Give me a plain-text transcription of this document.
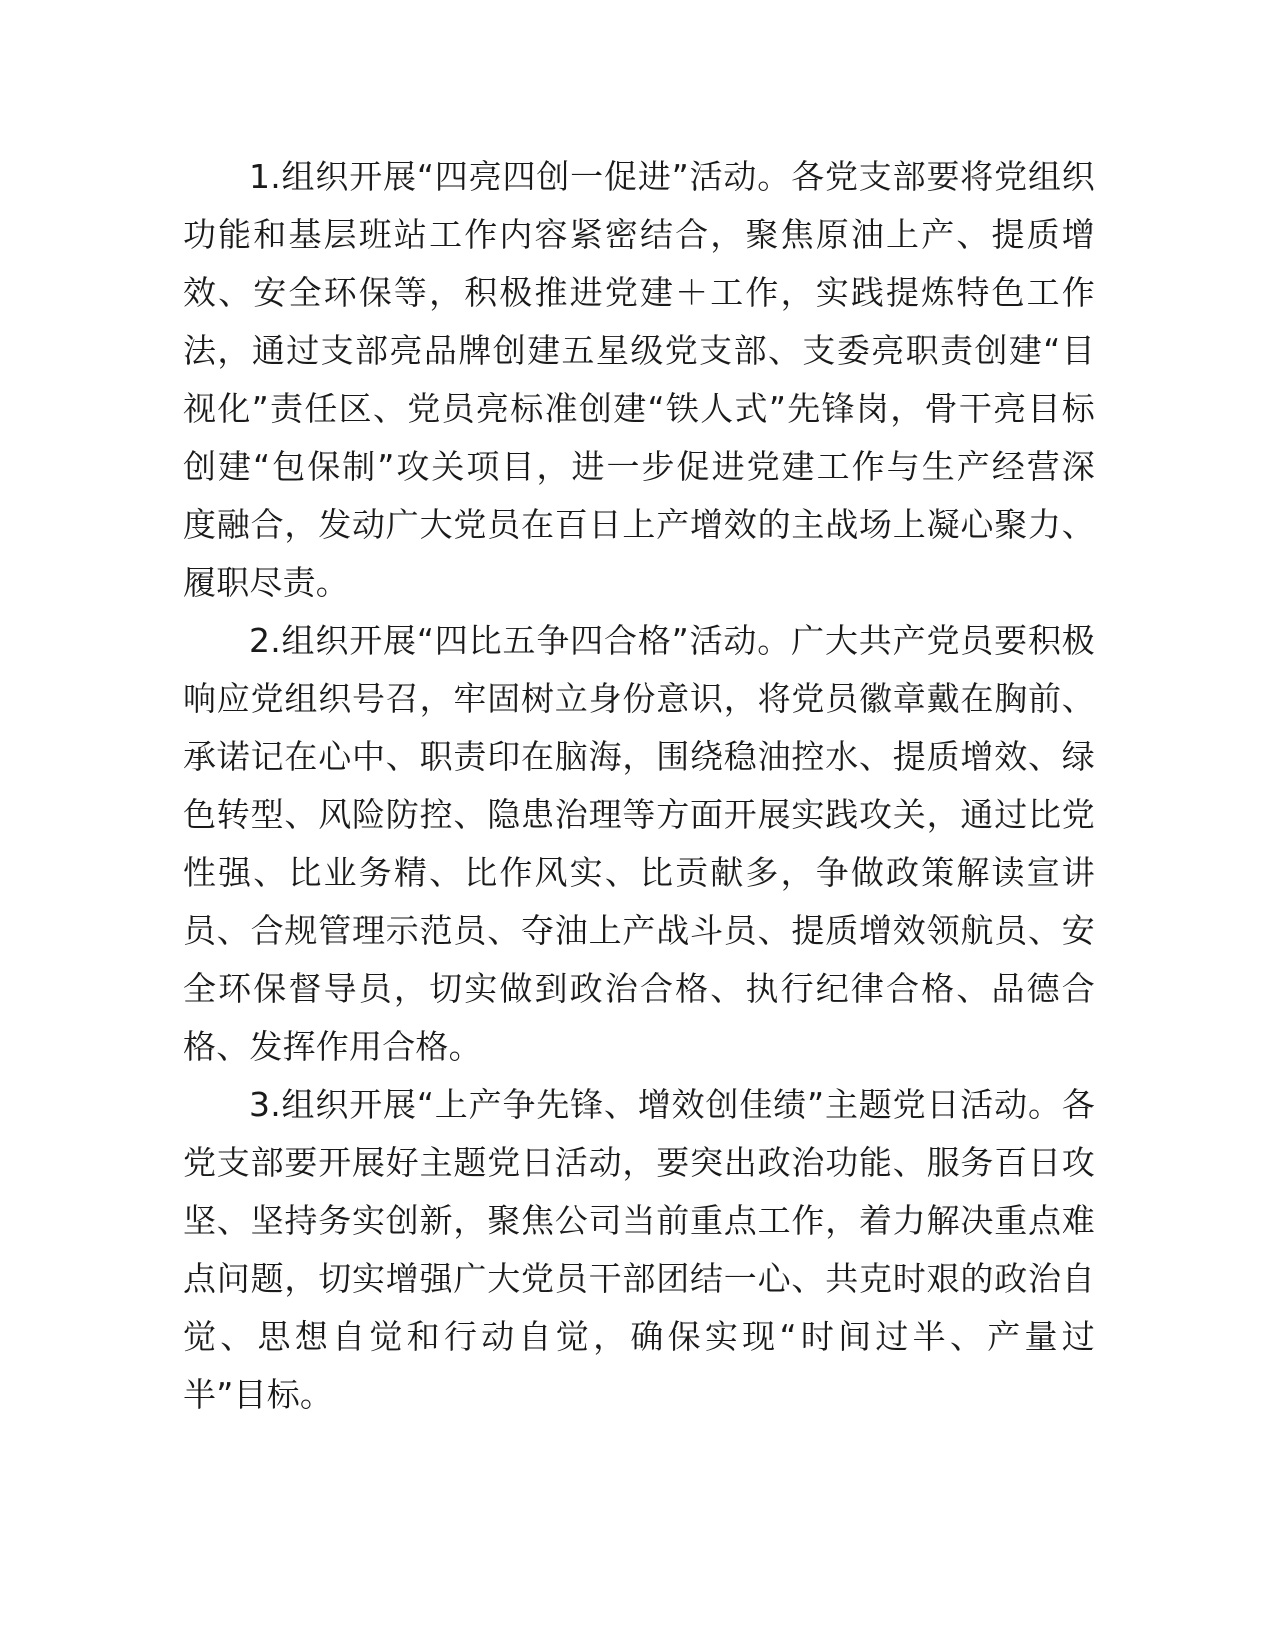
1.组织开展“四亮四创一促进”活动。各党支部要将党组织
功能和基层班站工作内容紧密结合，聚焦原油上产、提质增
效、安全环保等，积极推进党建＋工作，实践提炼特色工作
法，通过支部亮品牌创建五星级党支部、支委亮职责创建“目
视化”责任区、党员亮标准创建“铁人式”先锋岗，骨干亮目标
创建“包保制”攻关项目，进一步促进党建工作与生产经营深
度融合，发动广大党员在百日上产增效的主战场上凝心聚力、
履职尽责。
2.组织开展“四比五争四合格”活动。广大共产党员要积极
响应党组织号召，牢固树立身份意识，将党员徽章戴在胸前、
承诺记在心中、职责印在脑海，围绕稳油控水、提质增效、绿
色转型、风险防控、隐患治理等方面开展实践攻关，通过比党
性强、比业务精、比作风实、比贡献多，争做政策解读宣讲
员、合规管理示范员、夺油上产战斗员、提质增效领航员、安
全环保督导员，切实做到政治合格、执行纪律合格、品德合
格、发挥作用合格。
3.组织开展“上产争先锋、增效创佳绩”主题党日活动。各
党支部要开展好主题党日活动，要突出政治功能、服务百日攻
坚、坚持务实创新，聚焦公司当前重点工作，着力解决重点难
点问题，切实增强广大党员干部团结一心、共克时艰的政治自
觉、思想自觉和行动自觉，确保实现“时间过半、产量过
半”目标。
